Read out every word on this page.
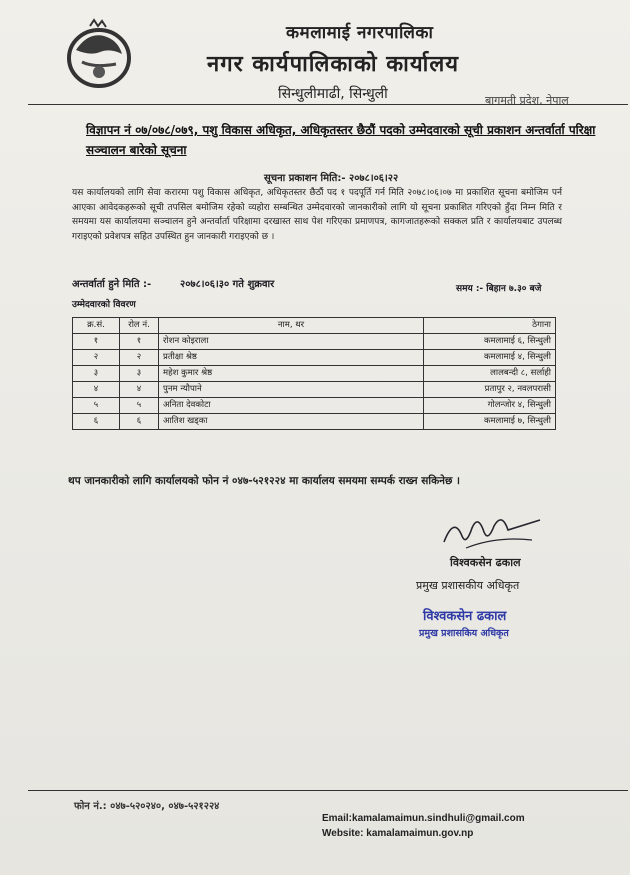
कमलामाई नगरपालिका
नगर कार्यपालिकाको कार्यालय
सिन्धुलीमाढी, सिन्धुली	बागमती प्रदेश, नेपाल
विज्ञापन नं ०७/०७८/०७९, पशु विकास अधिकृत, अधिकृतस्तर छैठौं पदको उम्मेदवारको सूची प्रकाशन अन्तर्वार्ता परिक्षा सञ्चालन बारेको सूचना
सूचना प्रकाशन मिति:- २०७८।०६।२२
यस कार्यालयको लागि सेवा करारमा पशु विकास अधिकृत, अधिकृतस्तर छैठौं पद १ पदपूर्ति गर्न मिति २०७८।०६।०७ मा प्रकाशित सूचना बमोजिम पर्न आएका आवेदकहरूको सूची तपसिल बमोजिम रहेको व्यहोरा सम्बन्धित उम्मेदवारको जानकारीको लागि यो सूचना प्रकाशित गरिएको हुँदा निम्न मिति र समयमा यस कार्यालयमा सञ्चालन हुने अन्तर्वार्ता परिक्षामा दरखास्त साथ पेश गरिएका प्रमाणपत्र, कागजातहरूको सक्कल प्रति र कार्यालयबाट उपलब्ध गराइएको प्रवेशपत्र सहित उपस्थित हुन जानकारी गराइएको छ ।
अन्तर्वार्ता हुने मिति :-	२०७८।०६।३० गते शुक्रवार	समय :- बिहान ७.३० बजे
उम्मेदवारको विवरण
क्र.सं.	रोल नं.	नाम, थर	ठेगाना
१	१	रोशन कोइराला	कमलामाई ६, सिन्धुली
२	२	प्रतीक्षा श्रेष्ठ	कमलामाई ४, सिन्धुली
३	३	महेश कुमार श्रेष्ठ	लालबन्दी ८, सर्लाही
४	४	पुनम न्यौपाने	प्रतापुर २, नवलपरासी
५	५	अनिता देवकोटा	गोलन्जोर ४, सिन्धुली
६	६	आतिश खड्का	कमलामाई ७, सिन्धुली
थप जानकारीको लागि कार्यालयको फोन नं ०४७-५२१२२४ मा कार्यालय समयमा सम्पर्क राख्न सकिनेछ ।
विश्वकसेन ढकाल
प्रमुख प्रशासकीय अधिकृत
विश्वकसेन ढकाल
प्रमुख प्रशासकिय अधिकृत
फोन नं.: ०४७-५२०२४०, ०४७-५२१२२४
Email:kamalamaimun.sindhuli@gmail.com
Website: kamalamaimun.gov.np
